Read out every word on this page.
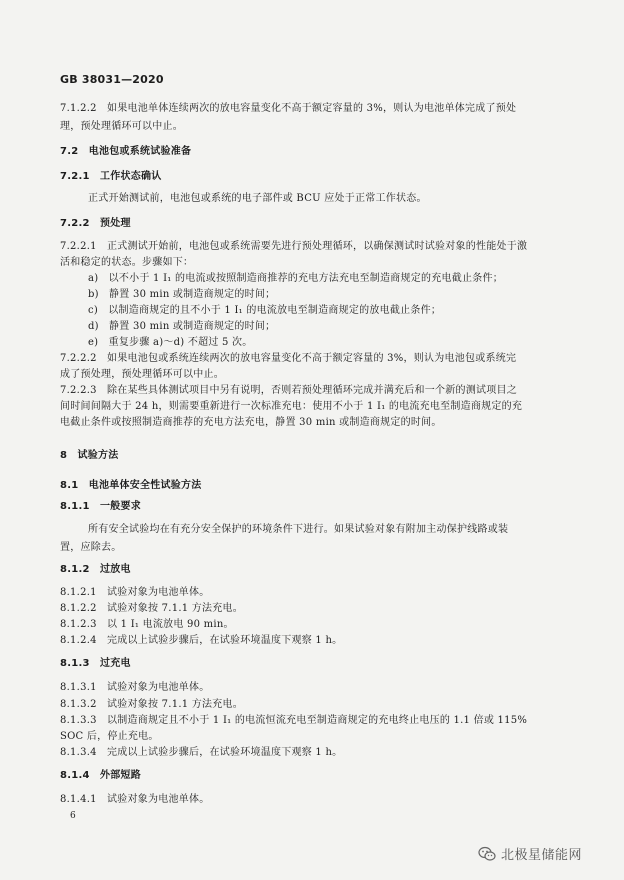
GB 38031—2020
7.1.2.2　如果电池单体连续两次的放电容量变化不高于额定容量的 3%，则认为电池单体完成了预处
理，预处理循环可以中止。
7.2　电池包或系统试验准备
7.2.1　工作状态确认
正式开始测试前，电池包或系统的电子部件或 BCU 应处于正常工作状态。
7.2.2　预处理
7.2.2.1　正式测试开始前，电池包或系统需要先进行预处理循环，以确保测试时试验对象的性能处于激
活和稳定的状态。步骤如下：
a)　以不小于 1 I₁ 的电流或按照制造商推荐的充电方法充电至制造商规定的充电截止条件；
b)　静置 30 min 或制造商规定的时间；
c)　以制造商规定的且不小于 1 I₁ 的电流放电至制造商规定的放电截止条件；
d)　静置 30 min 或制造商规定的时间；
e)　重复步骤 a)～d) 不超过 5 次。
7.2.2.2　如果电池包或系统连续两次的放电容量变化不高于额定容量的 3%，则认为电池包或系统完
成了预处理，预处理循环可以中止。
7.2.2.3　除在某些具体测试项目中另有说明，否则若预处理循环完成并满充后和一个新的测试项目之
间时间间隔大于 24 h，则需要重新进行一次标准充电：使用不小于 1 I₁ 的电流充电至制造商规定的充
电截止条件或按照制造商推荐的充电方法充电，静置 30 min 或制造商规定的时间。
8　试验方法
8.1　电池单体安全性试验方法
8.1.1　一般要求
所有安全试验均在有充分安全保护的环境条件下进行。如果试验对象有附加主动保护线路或装
置，应除去。
8.1.2　过放电
8.1.2.1　试验对象为电池单体。
8.1.2.2　试验对象按 7.1.1 方法充电。
8.1.2.3　以 1 I₁ 电流放电 90 min。
8.1.2.4　完成以上试验步骤后，在试验环境温度下观察 1 h。
8.1.3　过充电
8.1.3.1　试验对象为电池单体。
8.1.3.2　试验对象按 7.1.1 方法充电。
8.1.3.3　以制造商规定且不小于 1 I₁ 的电流恒流充电至制造商规定的充电终止电压的 1.1 倍或 115%
SOC 后，停止充电。
8.1.3.4　完成以上试验步骤后，在试验环境温度下观察 1 h。
8.1.4　外部短路
8.1.4.1　试验对象为电池单体。
6
北极星储能网
